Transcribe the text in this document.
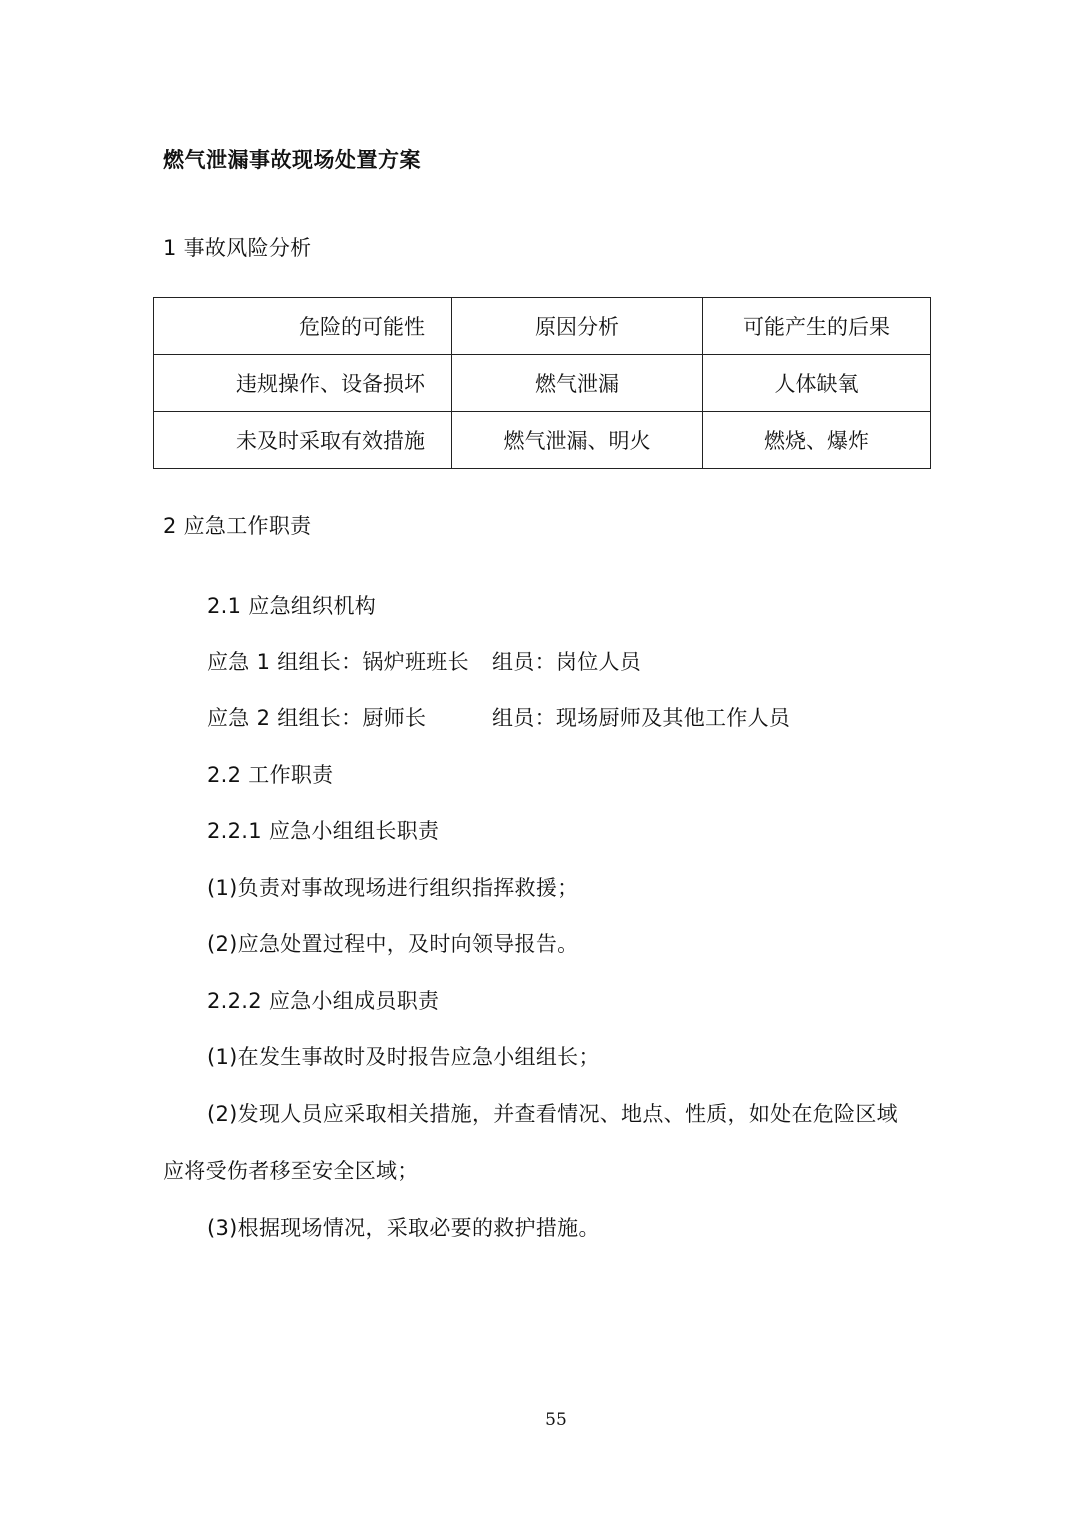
燃气泄漏事故现场处置方案
1 事故风险分析
危险的可能性	原因分析	可能产生的后果
违规操作、设备损坏	燃气泄漏	人体缺氧
未及时采取有效措施	燃气泄漏、明火	燃烧、爆炸
2 应急工作职责
2.1 应急组织机构
应急 1 组组长：锅炉班班长 组员：岗位人员
应急 2 组组长：厨师长	组员：现场厨师及其他工作人员
2.2 工作职责
2.2.1 应急小组组长职责
(1)负责对事故现场进行组织指挥救援；
(2)应急处置过程中，及时向领导报告。
2.2.2 应急小组成员职责
(1)在发生事故时及时报告应急小组组长；
(2)发现人员应采取相关措施，并查看情况、地点、性质，如处在危险区域
应将受伤者移至安全区域；
(3)根据现场情况，采取必要的救护措施。
55
